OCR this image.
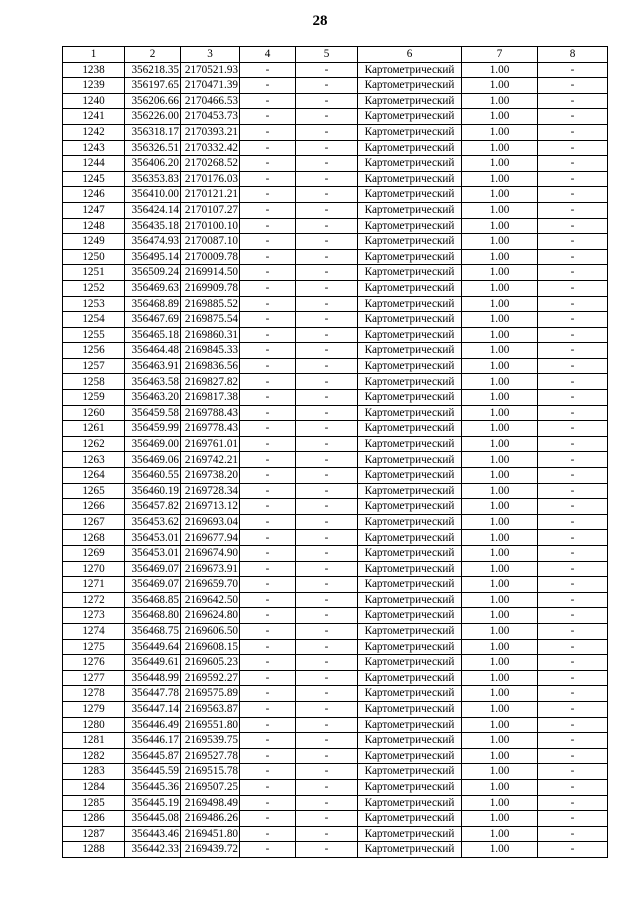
28
1	2	3	4	5	6	7	8
1238	356218.35	2170521.93	-	-	Картометрический	1.00	-
1239	356197.65	2170471.39	-	-	Картометрический	1.00	-
1240	356206.66	2170466.53	-	-	Картометрический	1.00	-
1241	356226.00	2170453.73	-	-	Картометрический	1.00	-
1242	356318.17	2170393.21	-	-	Картометрический	1.00	-
1243	356326.51	2170332.42	-	-	Картометрический	1.00	-
1244	356406.20	2170268.52	-	-	Картометрический	1.00	-
1245	356353.83	2170176.03	-	-	Картометрический	1.00	-
1246	356410.00	2170121.21	-	-	Картометрический	1.00	-
1247	356424.14	2170107.27	-	-	Картометрический	1.00	-
1248	356435.18	2170100.10	-	-	Картометрический	1.00	-
1249	356474.93	2170087.10	-	-	Картометрический	1.00	-
1250	356495.14	2170009.78	-	-	Картометрический	1.00	-
1251	356509.24	2169914.50	-	-	Картометрический	1.00	-
1252	356469.63	2169909.78	-	-	Картометрический	1.00	-
1253	356468.89	2169885.52	-	-	Картометрический	1.00	-
1254	356467.69	2169875.54	-	-	Картометрический	1.00	-
1255	356465.18	2169860.31	-	-	Картометрический	1.00	-
1256	356464.48	2169845.33	-	-	Картометрический	1.00	-
1257	356463.91	2169836.56	-	-	Картометрический	1.00	-
1258	356463.58	2169827.82	-	-	Картометрический	1.00	-
1259	356463.20	2169817.38	-	-	Картометрический	1.00	-
1260	356459.58	2169788.43	-	-	Картометрический	1.00	-
1261	356459.99	2169778.43	-	-	Картометрический	1.00	-
1262	356469.00	2169761.01	-	-	Картометрический	1.00	-
1263	356469.06	2169742.21	-	-	Картометрический	1.00	-
1264	356460.55	2169738.20	-	-	Картометрический	1.00	-
1265	356460.19	2169728.34	-	-	Картометрический	1.00	-
1266	356457.82	2169713.12	-	-	Картометрический	1.00	-
1267	356453.62	2169693.04	-	-	Картометрический	1.00	-
1268	356453.01	2169677.94	-	-	Картометрический	1.00	-
1269	356453.01	2169674.90	-	-	Картометрический	1.00	-
1270	356469.07	2169673.91	-	-	Картометрический	1.00	-
1271	356469.07	2169659.70	-	-	Картометрический	1.00	-
1272	356468.85	2169642.50	-	-	Картометрический	1.00	-
1273	356468.80	2169624.80	-	-	Картометрический	1.00	-
1274	356468.75	2169606.50	-	-	Картометрический	1.00	-
1275	356449.64	2169608.15	-	-	Картометрический	1.00	-
1276	356449.61	2169605.23	-	-	Картометрический	1.00	-
1277	356448.99	2169592.27	-	-	Картометрический	1.00	-
1278	356447.78	2169575.89	-	-	Картометрический	1.00	-
1279	356447.14	2169563.87	-	-	Картометрический	1.00	-
1280	356446.49	2169551.80	-	-	Картометрический	1.00	-
1281	356446.17	2169539.75	-	-	Картометрический	1.00	-
1282	356445.87	2169527.78	-	-	Картометрический	1.00	-
1283	356445.59	2169515.78	-	-	Картометрический	1.00	-
1284	356445.36	2169507.25	-	-	Картометрический	1.00	-
1285	356445.19	2169498.49	-	-	Картометрический	1.00	-
1286	356445.08	2169486.26	-	-	Картометрический	1.00	-
1287	356443.46	2169451.80	-	-	Картометрический	1.00	-
1288	356442.33	2169439.72	-	-	Картометрический	1.00	-
